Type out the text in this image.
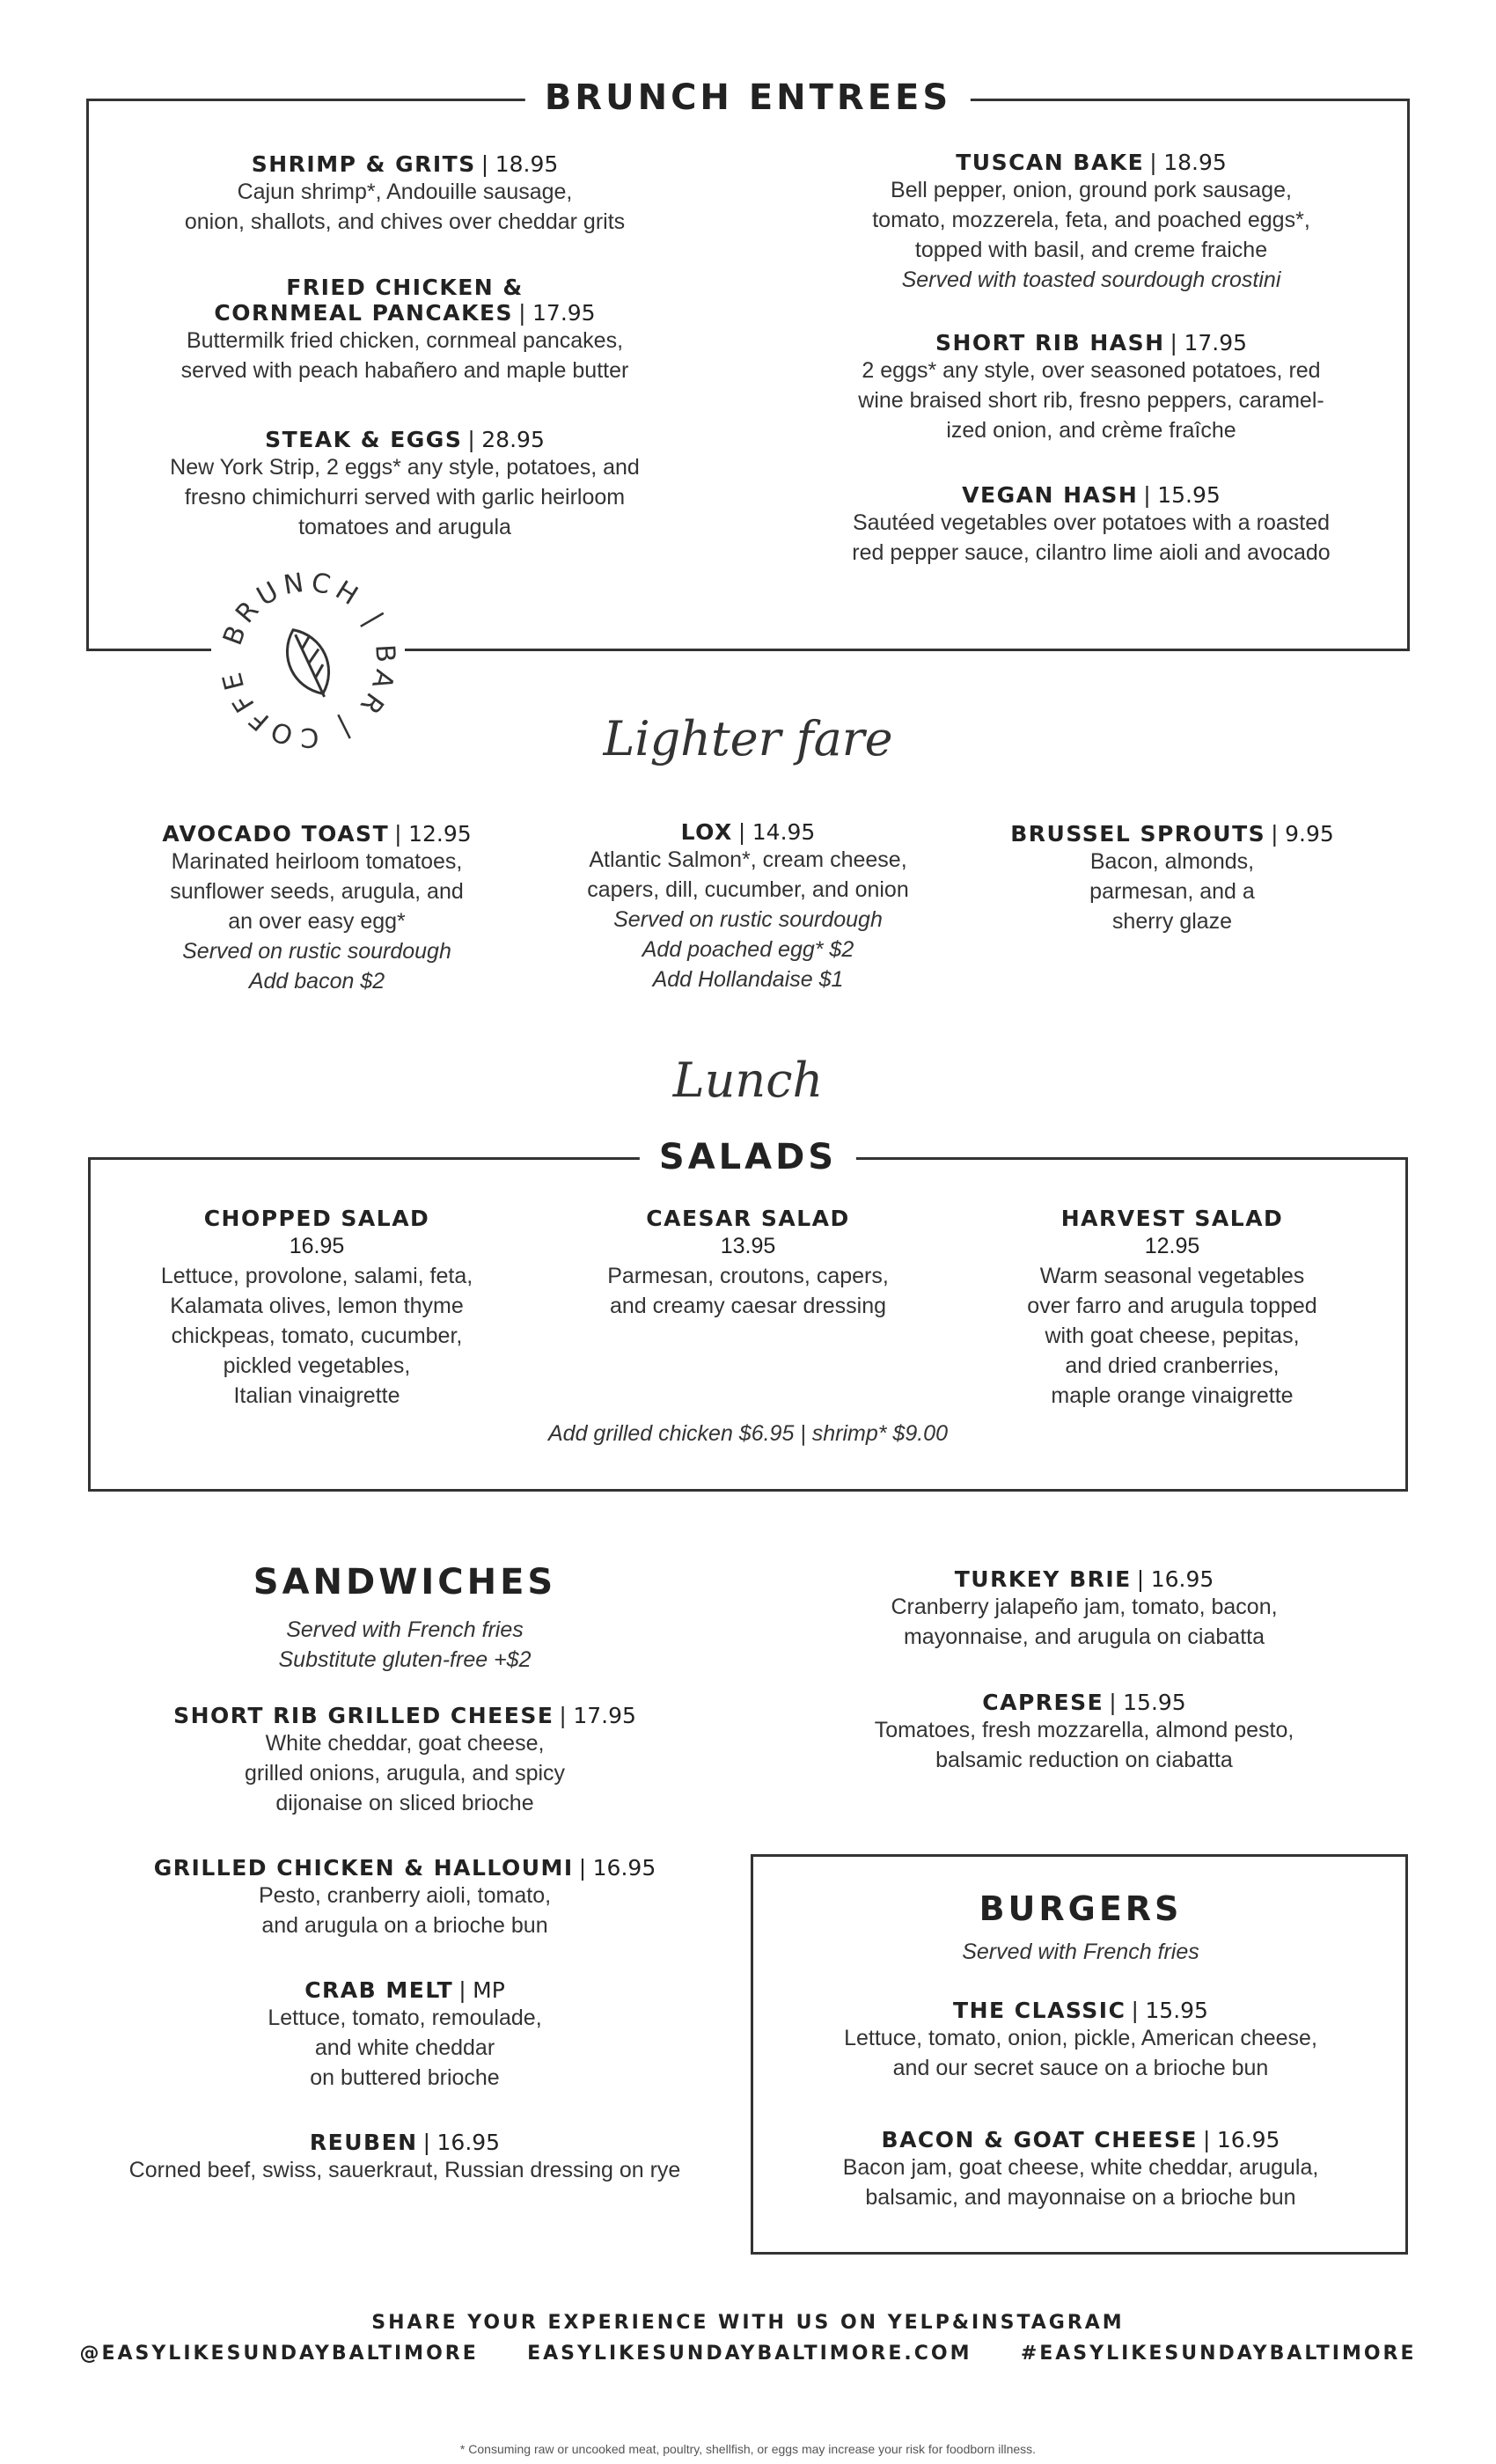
BRUNCH ENTREES
SHRIMP & GRITS | 18.95
Cajun shrimp*, Andouille sausage,
onion, shallots, and chives over cheddar grits
FRIED CHICKEN &
CORNMEAL PANCAKES | 17.95
Buttermilk fried chicken, cornmeal pancakes,
served with peach habañero and maple butter
STEAK & EGGS | 28.95
New York Strip, 2 eggs* any style, potatoes, and
fresno chimichurri served with garlic heirloom
tomatoes and arugula
TUSCAN BAKE | 18.95
Bell pepper, onion, ground pork sausage,
tomato, mozzerela, feta, and poached eggs*,
topped with basil, and creme fraiche
Served with toasted sourdough crostini
SHORT RIB HASH | 17.95
2 eggs* any style, over seasoned potatoes, red
wine braised short rib, fresno peppers, caramel-
ized onion, and crème fraîche
VEGAN HASH | 15.95
Sautéed vegetables over potatoes with a roasted
red pepper sauce, cilantro lime aioli and avocado
BRUNCH | BAR | COFFE
Lighter fare
AVOCADO TOAST | 12.95
Marinated heirloom tomatoes,
sunflower seeds, arugula, and
an over easy egg*
Served on rustic sourdough
Add bacon $2
LOX | 14.95
Atlantic Salmon*, cream cheese,
capers, dill, cucumber, and onion
Served on rustic sourdough
Add poached egg* $2
Add Hollandaise $1
BRUSSEL SPROUTS | 9.95
Bacon, almonds,
parmesan, and a
sherry glaze
Lunch
SALADS
CHOPPED SALAD
16.95
Lettuce, provolone, salami, feta,
Kalamata olives, lemon thyme
chickpeas, tomato, cucumber,
pickled vegetables,
Italian vinaigrette
CAESAR SALAD
13.95
Parmesan, croutons, capers,
and creamy caesar dressing
HARVEST SALAD
12.95
Warm seasonal vegetables
over farro and arugula topped
with goat cheese, pepitas,
and dried cranberries,
maple orange vinaigrette
Add grilled chicken $6.95 | shrimp* $9.00
SANDWICHES
Served with French fries
Substitute gluten-free +$2
SHORT RIB GRILLED CHEESE | 17.95
White cheddar, goat cheese,
grilled onions, arugula, and spicy
dijonaise on sliced brioche
GRILLED CHICKEN & HALLOUMI | 16.95
Pesto, cranberry aioli, tomato,
and arugula on a brioche bun
CRAB MELT | MP
Lettuce, tomato, remoulade,
and white cheddar
on buttered brioche
REUBEN | 16.95
Corned beef, swiss, sauerkraut, Russian dressing on rye
TURKEY BRIE | 16.95
Cranberry jalapeño jam, tomato, bacon,
mayonnaise, and arugula on ciabatta
CAPRESE | 15.95
Tomatoes, fresh mozzarella, almond pesto,
balsamic reduction on ciabatta
BURGERS
Served with French fries
THE CLASSIC | 15.95
Lettuce, tomato, onion, pickle, American cheese,
and our secret sauce on a brioche bun
BACON & GOAT CHEESE | 16.95
Bacon jam, goat cheese, white cheddar, arugula,
balsamic, and mayonnaise on a brioche bun
SHARE YOUR EXPERIENCE WITH US ON YELP&INSTAGRAM
@EASYLIKESUNDAYBALTIMORE	EASYLIKESUNDAYBALTIMORE.COM	#EASYLIKESUNDAYBALTIMORE
* Consuming raw or uncooked meat, poultry, shellfish, or eggs may increase your risk for foodborn illness.
